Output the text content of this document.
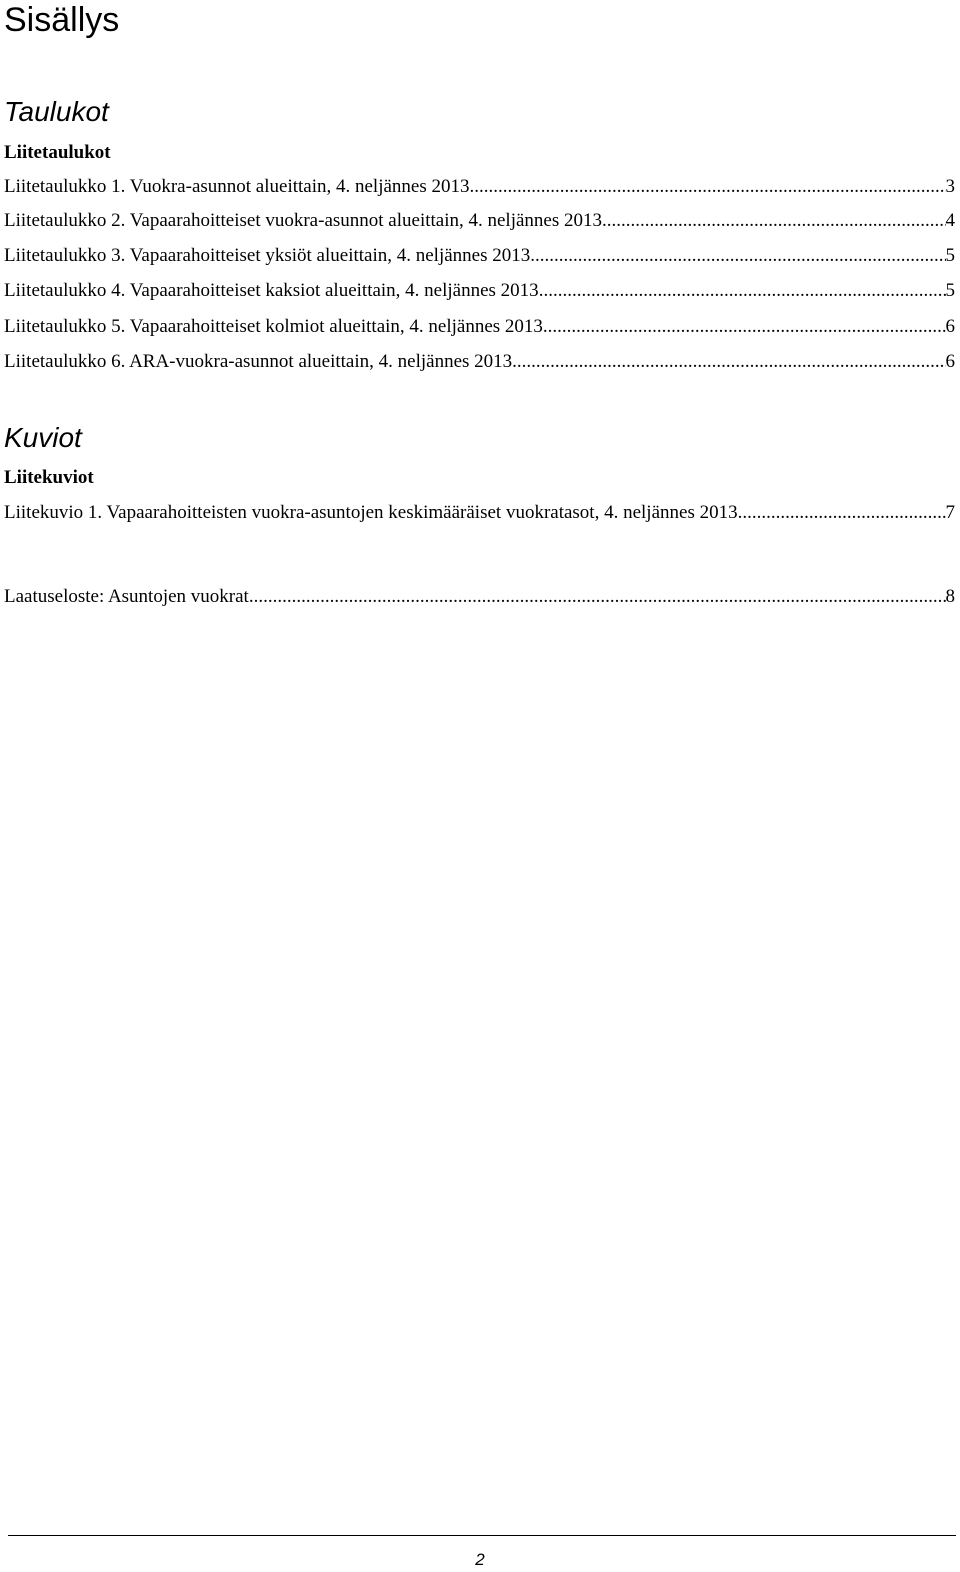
Sisällys
Taulukot
Liitetaulukot
Liitetaulukko 1. Vuokra-asunnot alueittain, 4. neljännes 2013 .....	3
Liitetaulukko 2. Vapaarahoitteiset vuokra-asunnot alueittain, 4. neljännes 2013 .....	4
Liitetaulukko 3. Vapaarahoitteiset yksiöt alueittain, 4. neljännes 2013 .....	5
Liitetaulukko 4. Vapaarahoitteiset kaksiot alueittain, 4. neljännes 2013 .....	5
Liitetaulukko 5. Vapaarahoitteiset kolmiot alueittain, 4. neljännes 2013 .....	6
Liitetaulukko 6. ARA-vuokra-asunnot alueittain, 4. neljännes 2013 .....	6
Kuviot
Liitekuviot
Liitekuvio 1. Vapaarahoitteisten vuokra-asuntojen keskimääräiset vuokratasot, 4. neljännes 2013 .....	7
Laatuseloste: Asuntojen vuokrat .....	8
2
